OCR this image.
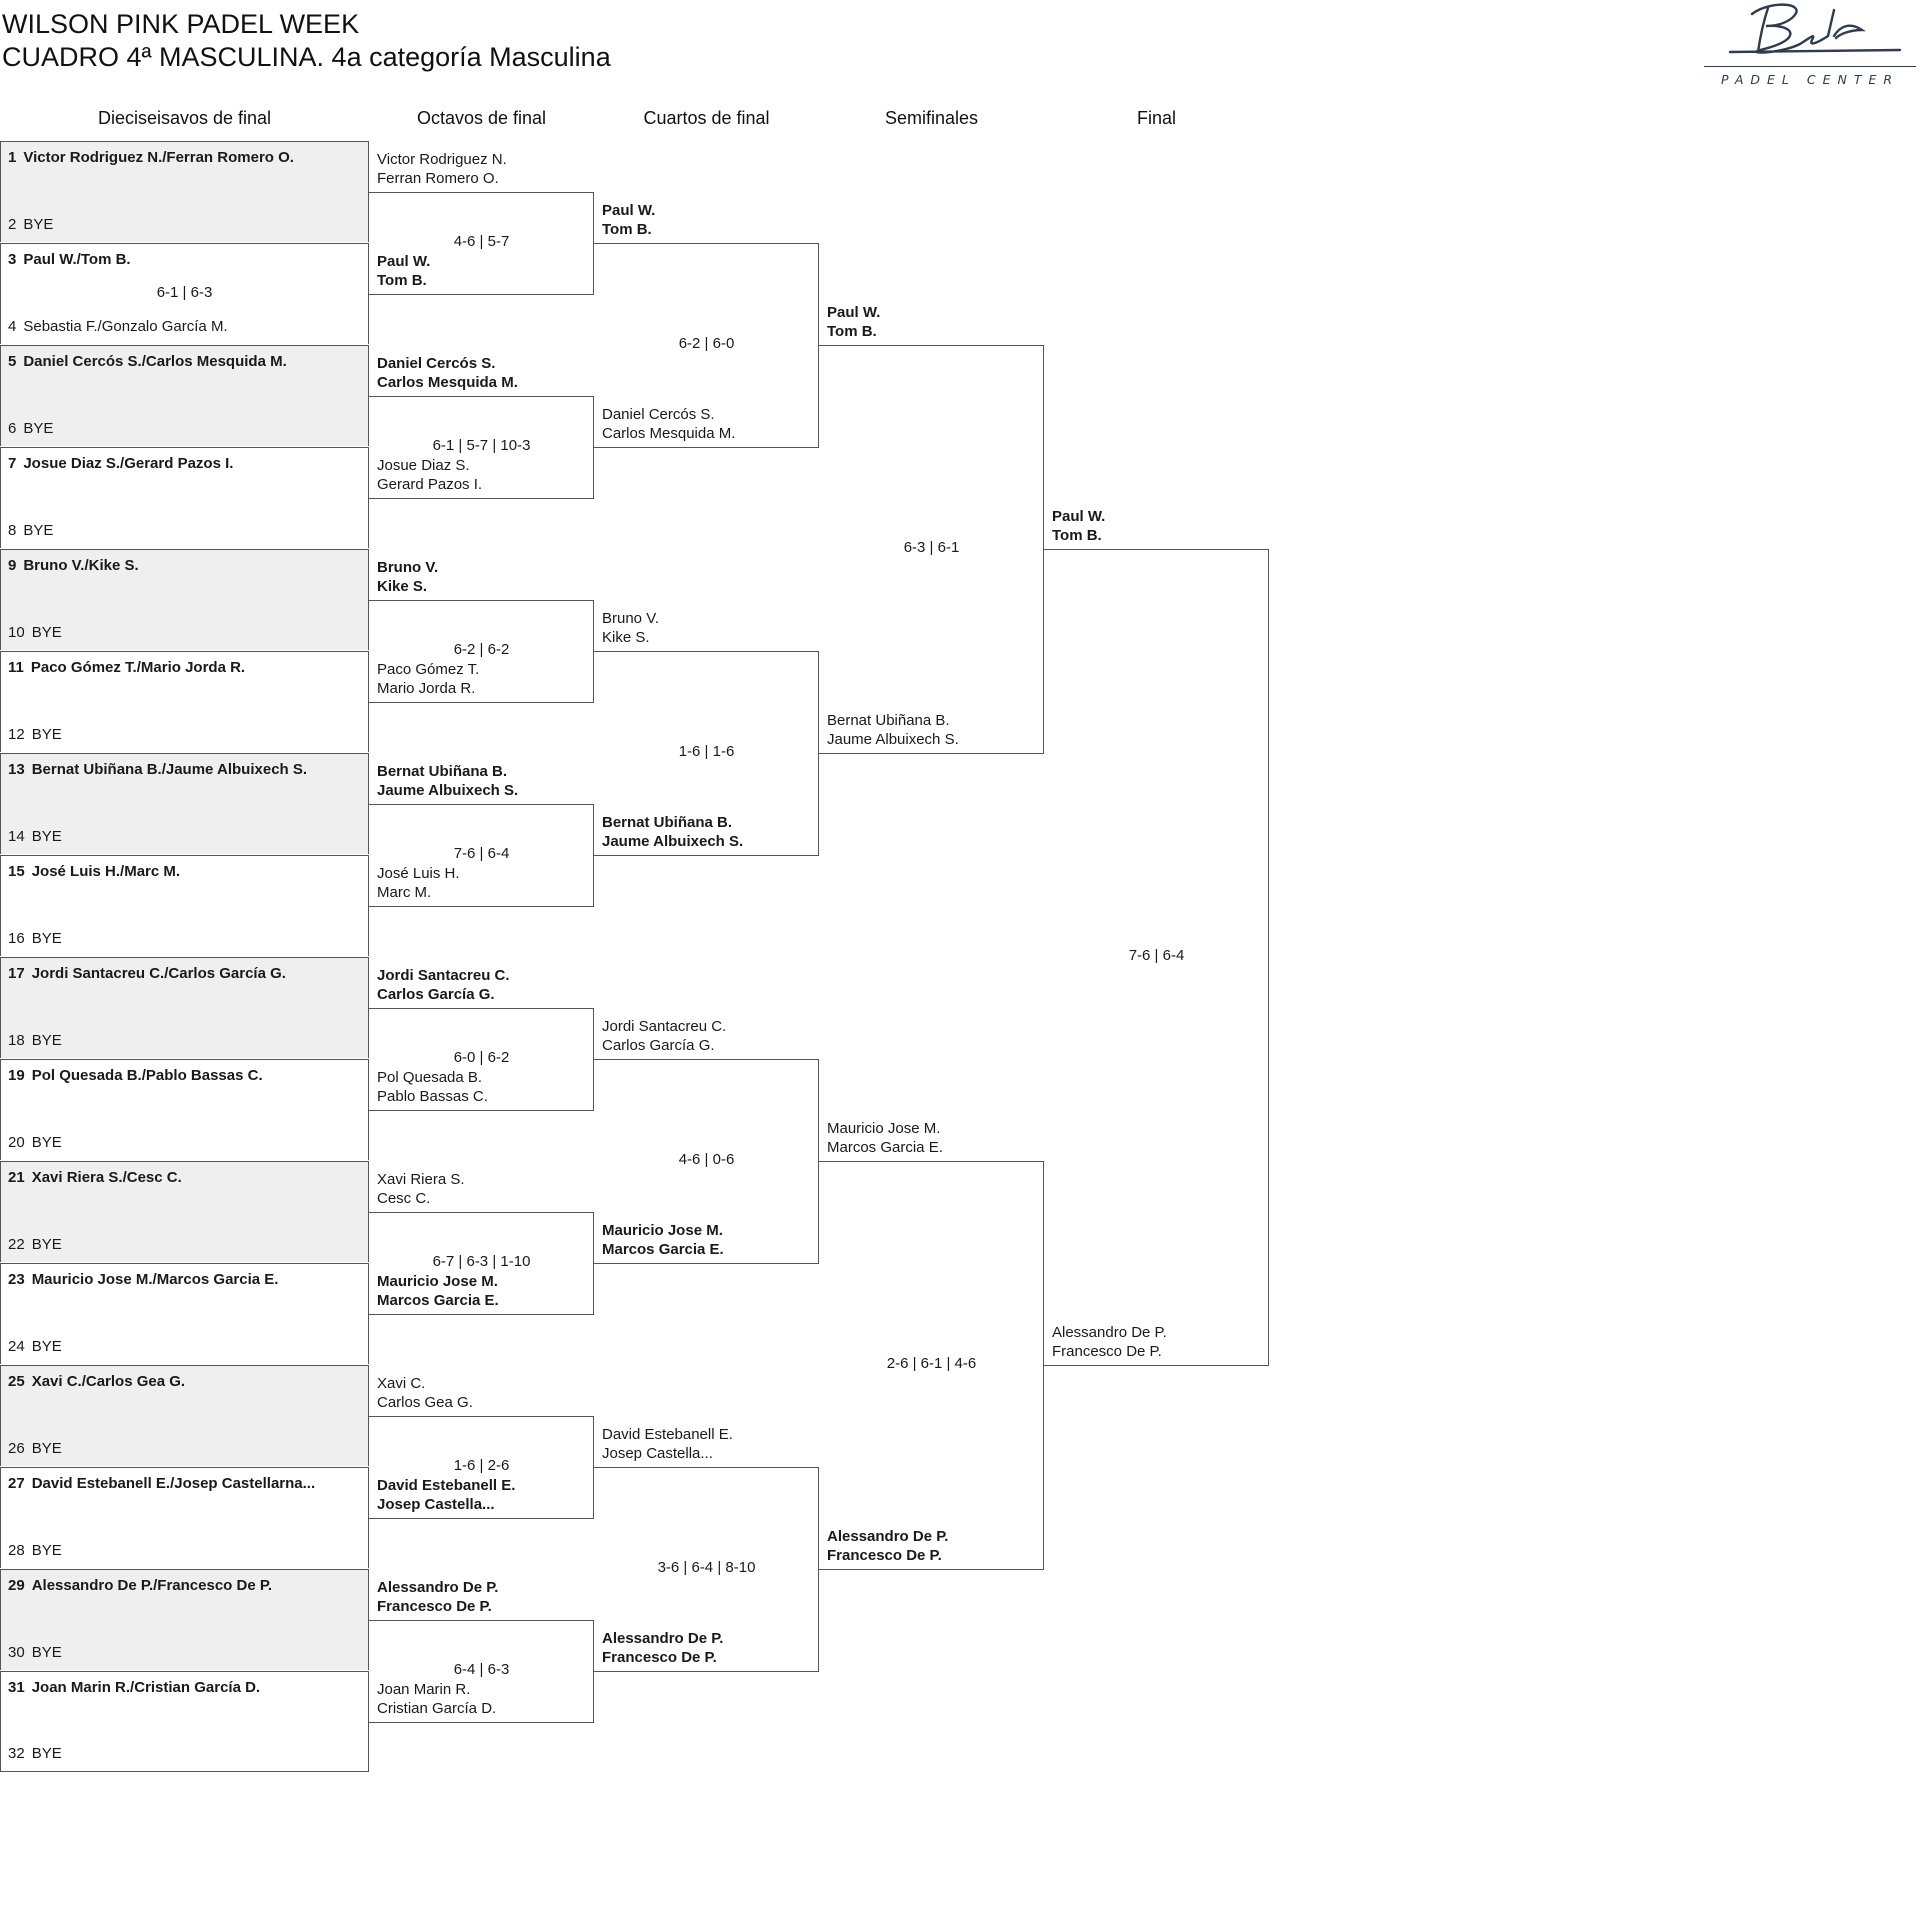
WILSON PINK PADEL WEEK
CUADRO 4ª MASCULINA. 4a categoría Masculina
PADEL CENTER
Dieciseisavos de final	Octavos de final	Cuartos de final	Semifinales	Final
1 Victor Rodriguez N./Ferran Romero O.
2 BYE
3 Paul W./Tom B.
4 Sebastia F./Gonzalo García M.
6-1 | 6-3
5 Daniel Cercós S./Carlos Mesquida M.
6 BYE
7 Josue Diaz S./Gerard Pazos I.
8 BYE
9 Bruno V./Kike S.
10 BYE
11 Paco Gómez T./Mario Jorda R.
12 BYE
13 Bernat Ubiñana B./Jaume Albuixech S.
14 BYE
15 José Luis H./Marc M.
16 BYE
17 Jordi Santacreu C./Carlos García G.
18 BYE
19 Pol Quesada B./Pablo Bassas C.
20 BYE
21 Xavi Riera S./Cesc C.
22 BYE
23 Mauricio Jose M./Marcos Garcia E.
24 BYE
25 Xavi C./Carlos Gea G.
26 BYE
27 David Estebanell E./Josep Castellarna...
28 BYE
29 Alessandro De P./Francesco De P.
30 BYE
31 Joan Marin R./Cristian García D.
32 BYE
Victor Rodriguez N.
Ferran Romero O.
Paul W.
Tom B.
4-6 | 5-7
Daniel Cercós S.
Carlos Mesquida M.
Josue Diaz S.
Gerard Pazos I.
6-1 | 5-7 | 10-3
Bruno V.
Kike S.
Paco Gómez T.
Mario Jorda R.
6-2 | 6-2
Bernat Ubiñana B.
Jaume Albuixech S.
José Luis H.
Marc M.
7-6 | 6-4
Jordi Santacreu C.
Carlos García G.
Pol Quesada B.
Pablo Bassas C.
6-0 | 6-2
Xavi Riera S.
Cesc C.
Mauricio Jose M.
Marcos Garcia E.
6-7 | 6-3 | 1-10
Xavi C.
Carlos Gea G.
David Estebanell E.
Josep Castella...
1-6 | 2-6
Alessandro De P.
Francesco De P.
Joan Marin R.
Cristian García D.
6-4 | 6-3
Paul W.
Tom B.
Daniel Cercós S.
Carlos Mesquida M.
6-2 | 6-0
Bruno V.
Kike S.
Bernat Ubiñana B.
Jaume Albuixech S.
1-6 | 1-6
Jordi Santacreu C.
Carlos García G.
Mauricio Jose M.
Marcos Garcia E.
4-6 | 0-6
David Estebanell E.
Josep Castella...
Alessandro De P.
Francesco De P.
3-6 | 6-4 | 8-10
Paul W.
Tom B.
Bernat Ubiñana B.
Jaume Albuixech S.
6-3 | 6-1
Mauricio Jose M.
Marcos Garcia E.
Alessandro De P.
Francesco De P.
2-6 | 6-1 | 4-6
Paul W.
Tom B.
Alessandro De P.
Francesco De P.
7-6 | 6-4
